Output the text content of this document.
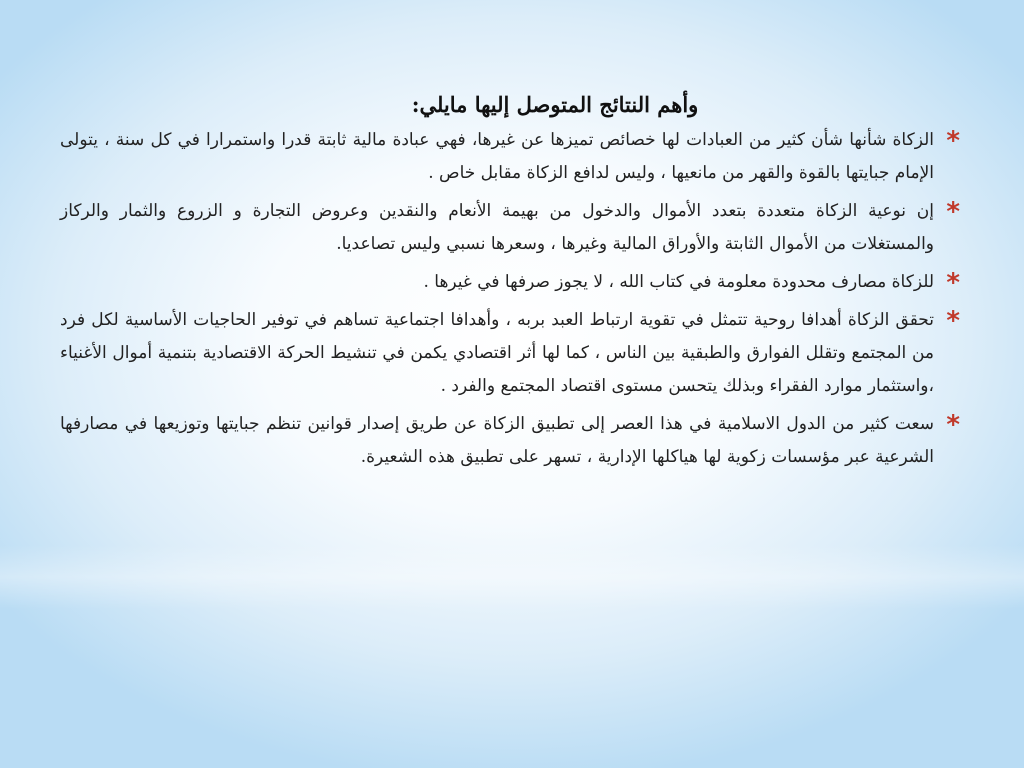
وأهم النتائج المتوصل إليها مايلي:
*
الزكاة شأنها شأن كثير من العبادات لها خصائص تميزها عن غيرها، فهي عبادة مالية ثابتة قدرا واستمرارا في كل سنة ، يتولى الإمام جبايتها بالقوة والقهر من مانعيها ، وليس لدافع الزكاة مقابل خاص .
*
إن نوعية الزكاة متعددة بتعدد الأموال والدخول من بهيمة الأنعام والنقدين وعروض التجارة و الزروع والثمار والركاز والمستغلات من الأموال الثابتة والأوراق المالية وغيرها ، وسعرها نسبي وليس تصاعديا.
*
للزكاة مصارف محدودة معلومة في كتاب الله ، لا يجوز صرفها في غيرها .
*
تحقق الزكاة أهدافا روحية تتمثل في تقوية ارتباط العبد بربه ، وأهدافا اجتماعية تساهم في توفير الحاجيات الأساسية لكل فرد من المجتمع وتقلل الفوارق والطبقية بين الناس ، كما لها أثر اقتصادي يكمن في تنشيط الحركة الاقتصادية بتنمية أموال الأغنياء ،واستثمار موارد الفقراء وبذلك يتحسن مستوى اقتصاد المجتمع والفرد .
*
سعت كثير من الدول الاسلامية في هذا العصر إلى تطبيق الزكاة عن طريق إصدار قوانين تنظم جبايتها وتوزيعها في مصارفها الشرعية عبر مؤسسات زكوية لها هياكلها الإدارية ، تسهر على تطبيق هذه الشعيرة.
